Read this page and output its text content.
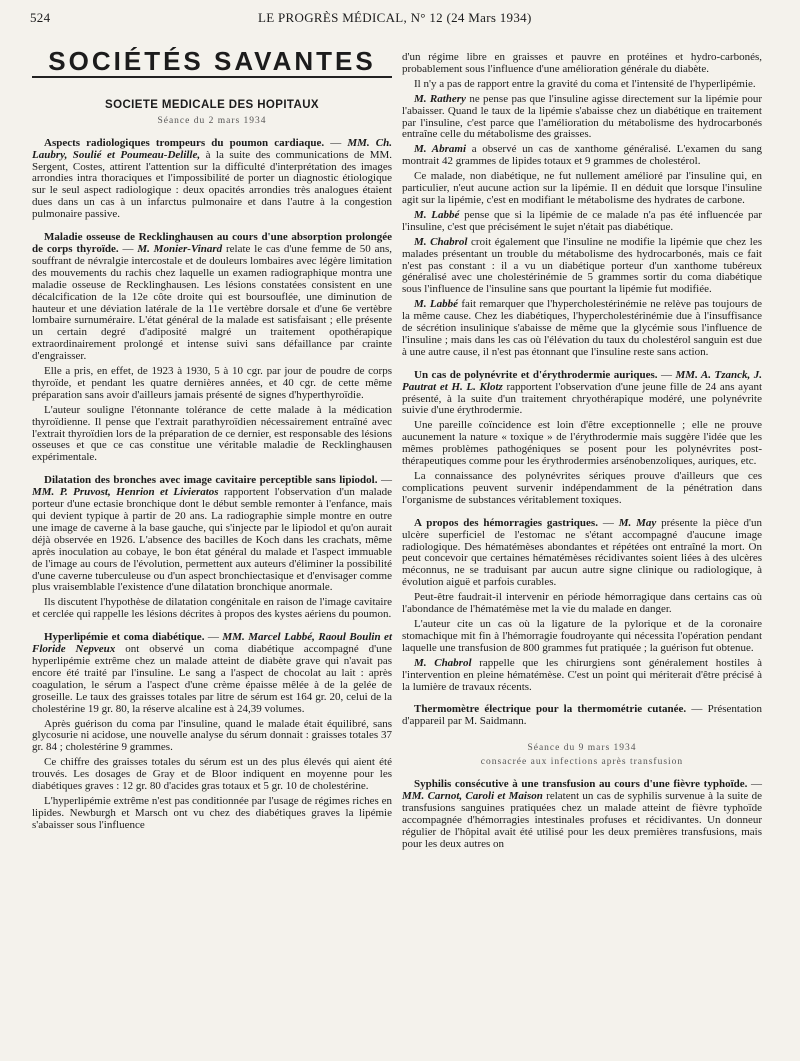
524	LE PROGRÈS MÉDICAL, N° 12 (24 Mars 1934)
SOCIÉTÉS SAVANTES
SOCIETE MEDICALE DES HOPITAUX
Séance du 2 mars 1934

Aspects radiologiques trompeurs du poumon cardiaque. — MM. Ch. Laubry, Soulié et Poumeau-Delille, à la suite des communications de MM. Sergent, Costes, attirent l'attention sur la difficulté d'interprétation des images arrondies intra thoraciques et l'impossibilité de porter un diagnostic étiologique sur le seul aspect radiologique : deux opacités arrondies très analogues étaient dues dans un cas à un infarctus pulmonaire et dans l'autre à la congestion pulmonaire passive.

Maladie osseuse de Recklinghausen au cours d'une absorption prolongée de corps thyroïde. — M. Monier-Vinard relate le cas d'une femme de 50 ans, souffrant de névralgie intercostale et de douleurs lombaires avec légère limitation des mouvements du rachis chez laquelle un examen radiographique montra une maladie osseuse de Recklinghausen. Les lésions constatées consistent en une décalcification de la 12e côte droite qui est boursouflée, une diminution de hauteur et une déviation latérale de la 11e vertèbre dorsale et d'une 6e vertèbre lombaire surnuméraire. L'état général de la malade est satisfaisant ; elle présente un certain degré d'adiposité malgré un traitement opothérapique extraordinairement prolongé et intense suivi sans défaillance par crainte d'engraisser.

Elle a pris, en effet, de 1923 à 1930, 5 à 10 cgr. par jour de poudre de corps thyroïde, et pendant les quatre dernières années, et 40 cgr. de cette même préparation sans avoir d'ailleurs jamais présenté de signes d'hyperthyroïdie.

L'auteur souligne l'étonnante tolérance de cette malade à la médication thyroïdienne. Il pense que l'extrait parathyroïdien nécessairement entraîné avec l'extrait thyroïdien lors de la préparation de ce dernier, est responsable des lésions osseuses et que ce cas constitue une véritable maladie de Recklinghausen expérimentale.

Dilatation des bronches avec image cavitaire perceptible sans lipiodol. — MM. P. Pruvost, Henrion et Livieratos rapportent l'observation d'un malade porteur d'une ectasie bronchique dont le début semble remonter à l'enfance, mais qui devient typique à partir de 20 ans. La radiographie simple montre en outre une image de caverne à la base gauche, qui s'injecte par le lipiodol et qu'on aurait déjà observée en 1926. L'absence des bacilles de Koch dans les crachats, même après inoculation au cobaye, le bon état général du malade et l'aspect immuable de l'image au cours de l'évolution, permettent aux auteurs d'éliminer la possibilité d'une caverne tuberculeuse ou d'un aspect bronchiectasique et d'envisager comme plus vraisemblable l'existence d'une dilatation bronchique anormale.

Ils discutent l'hypothèse de dilatation congénitale en raison de l'image cavitaire et cerclée qui rappelle les lésions décrites à propos des kystes aériens du poumon.

Hyperlipémie et coma diabétique. — MM. Marcel Labbé, Raoul Boulin et Floride Nepveux ont observé un coma diabétique accompagné d'une hyperlipémie extrême chez un malade atteint de diabète grave qui n'avait pas encore été traité par l'insuline. Le sang a l'aspect de chocolat au lait : après coagulation, le sérum a l'aspect d'une crème épaisse mêlée à de la gelée de groseille. Le taux des graisses totales par litre de sérum est 164 gr. 20, celui de la cholestérine 19 gr. 80, la réserve alcaline est à 24,39 volumes.

Après guérison du coma par l'insuline, quand le malade était équilibré, sans glycosurie ni acidose, une nouvelle analyse du sérum donnait : graisses totales 37 gr. 84 ; cholestérine 9 grammes.

Ce chiffre des graisses totales du sérum est un des plus élevés qui aient été trouvés. Les dosages de Gray et de Bloor indiquent en moyenne pour les diabétiques graves : 12 gr. 80 d'acides gras totaux et 5 gr. 10 de cholestérine.

L'hyperlipémie extrême n'est pas conditionnée par l'usage de régimes riches en lipides. Newburgh et Marsch ont vu chez des diabétiques graves la lipémie s'abaisser sous l'influence

d'un régime libre en graisses et pauvre en protéines et hydro-carbonés, probablement sous l'influence d'une amélioration générale du diabète.

Il n'y a pas de rapport entre la gravité du coma et l'intensité de l'hyperlipémie.

M. Rathery ne pense pas que l'insuline agisse directement sur la lipémie pour l'abaisser. Quand le taux de la lipémie s'abaisse chez un diabétique en traitement par l'insuline, c'est parce que l'amélioration du métabolisme des hydrocarbonés entraîne celle du métabolisme des graisses.

M. Abrami a observé un cas de xanthome généralisé. L'examen du sang montrait 42 grammes de lipides totaux et 9 grammes de cholestérol.

Ce malade, non diabétique, ne fut nullement amélioré par l'insuline qui, en particulier, n'eut aucune action sur la lipémie. Il en déduit que lorsque l'insuline agit sur la lipémie, c'est en modifiant le métabolisme des hydrates de carbone.

M. Labbé pense que si la lipémie de ce malade n'a pas été influencée par l'insuline, c'est que précisément le sujet n'était pas diabétique.

M. Chabrol croit également que l'insuline ne modifie la lipémie que chez les malades présentant un trouble du métabolisme des hydrocarbonés, mais ce fait n'est pas constant : il a vu un diabétique porteur d'un xanthome tubéreux généralisé avec une cholestérinémie de 5 grammes sortir du coma diabétique sous l'influence de l'insuline sans que pourtant la lipémie fut modifiée.

M. Labbé fait remarquer que l'hypercholestérinémie ne relève pas toujours de la même cause. Chez les diabétiques, l'hypercholestérinémie due à l'insuffisance de sécrétion insulinique s'abaisse de même que la glycémie sous l'influence de l'insuline ; mais dans les cas où l'élévation du taux du cholestérol sanguin est due à une autre cause, il n'est pas étonnant que l'insuline reste sans action.

Un cas de polynévrite et d'érythrodermie auriques. — MM. A. Tzanck, J. Pautrat et H. L. Klotz rapportent l'observation d'une jeune fille de 24 ans ayant présenté, à la suite d'un traitement chryothérapique modéré, une polynévrite suivie d'une érythrodermie.

Une pareille coïncidence est loin d'être exceptionnelle ; elle ne prouve aucunement la nature « toxique » de l'érythrodermie mais suggère l'idée que les mêmes problèmes pathogéniques se posent pour les polynévrites post-thérapeutiques comme pour les érythrodermies arsénobenzoliques, auriques, etc.

La connaissance des polynévrites sériques prouve d'ailleurs que ces complications peuvent survenir indépendamment de la pénétration dans l'organisme de substances véritablement toxiques.

A propos des hémorragies gastriques. — M. May présente la pièce d'un ulcère superficiel de l'estomac ne s'étant accompagné d'aucune image radiologique. Des hématémèses abondantes et répétées ont entraîné la mort. On peut concevoir que certaines hématémèses récidivantes soient liées à des ulcères méconnus, ne se traduisant par aucun autre signe clinique ou radiologique, à évolution aiguë et parfois curables.

Peut-être faudrait-il intervenir en période hémorragique dans certains cas où l'abondance de l'hématémèse met la vie du malade en danger.

L'auteur cite un cas où la ligature de la pylorique et de la coronaire stomachique mit fin à l'hémorragie foudroyante qui nécessita l'opération pendant laquelle une transfusion de 800 grammes fut pratiquée ; la guérison fut obtenue.

M. Chabrol rappelle que les chirurgiens sont généralement hostiles à l'intervention en pleine hématémèse. C'est un point qui mériterait d'être précisé à la lumière de travaux récents.

Thermomètre électrique pour la thermométrie cutanée. — Présentation d'appareil par M. Saidmann.

Séance du 9 mars 1934
consacrée aux infections après transfusion

Syphilis consécutive à une transfusion au cours d'une fièvre typhoïde. — MM. Carnot, Caroli et Maison relatent un cas de syphilis survenue à la suite de transfusions sanguines pratiquées chez un malade atteint de fièvre typhoïde accompagnée d'hémorragies intestinales profuses et récidivantes. Un donneur régulier de l'hôpital avait été utilisé pour les deux premières transfusions, mais pour les deux autres on
